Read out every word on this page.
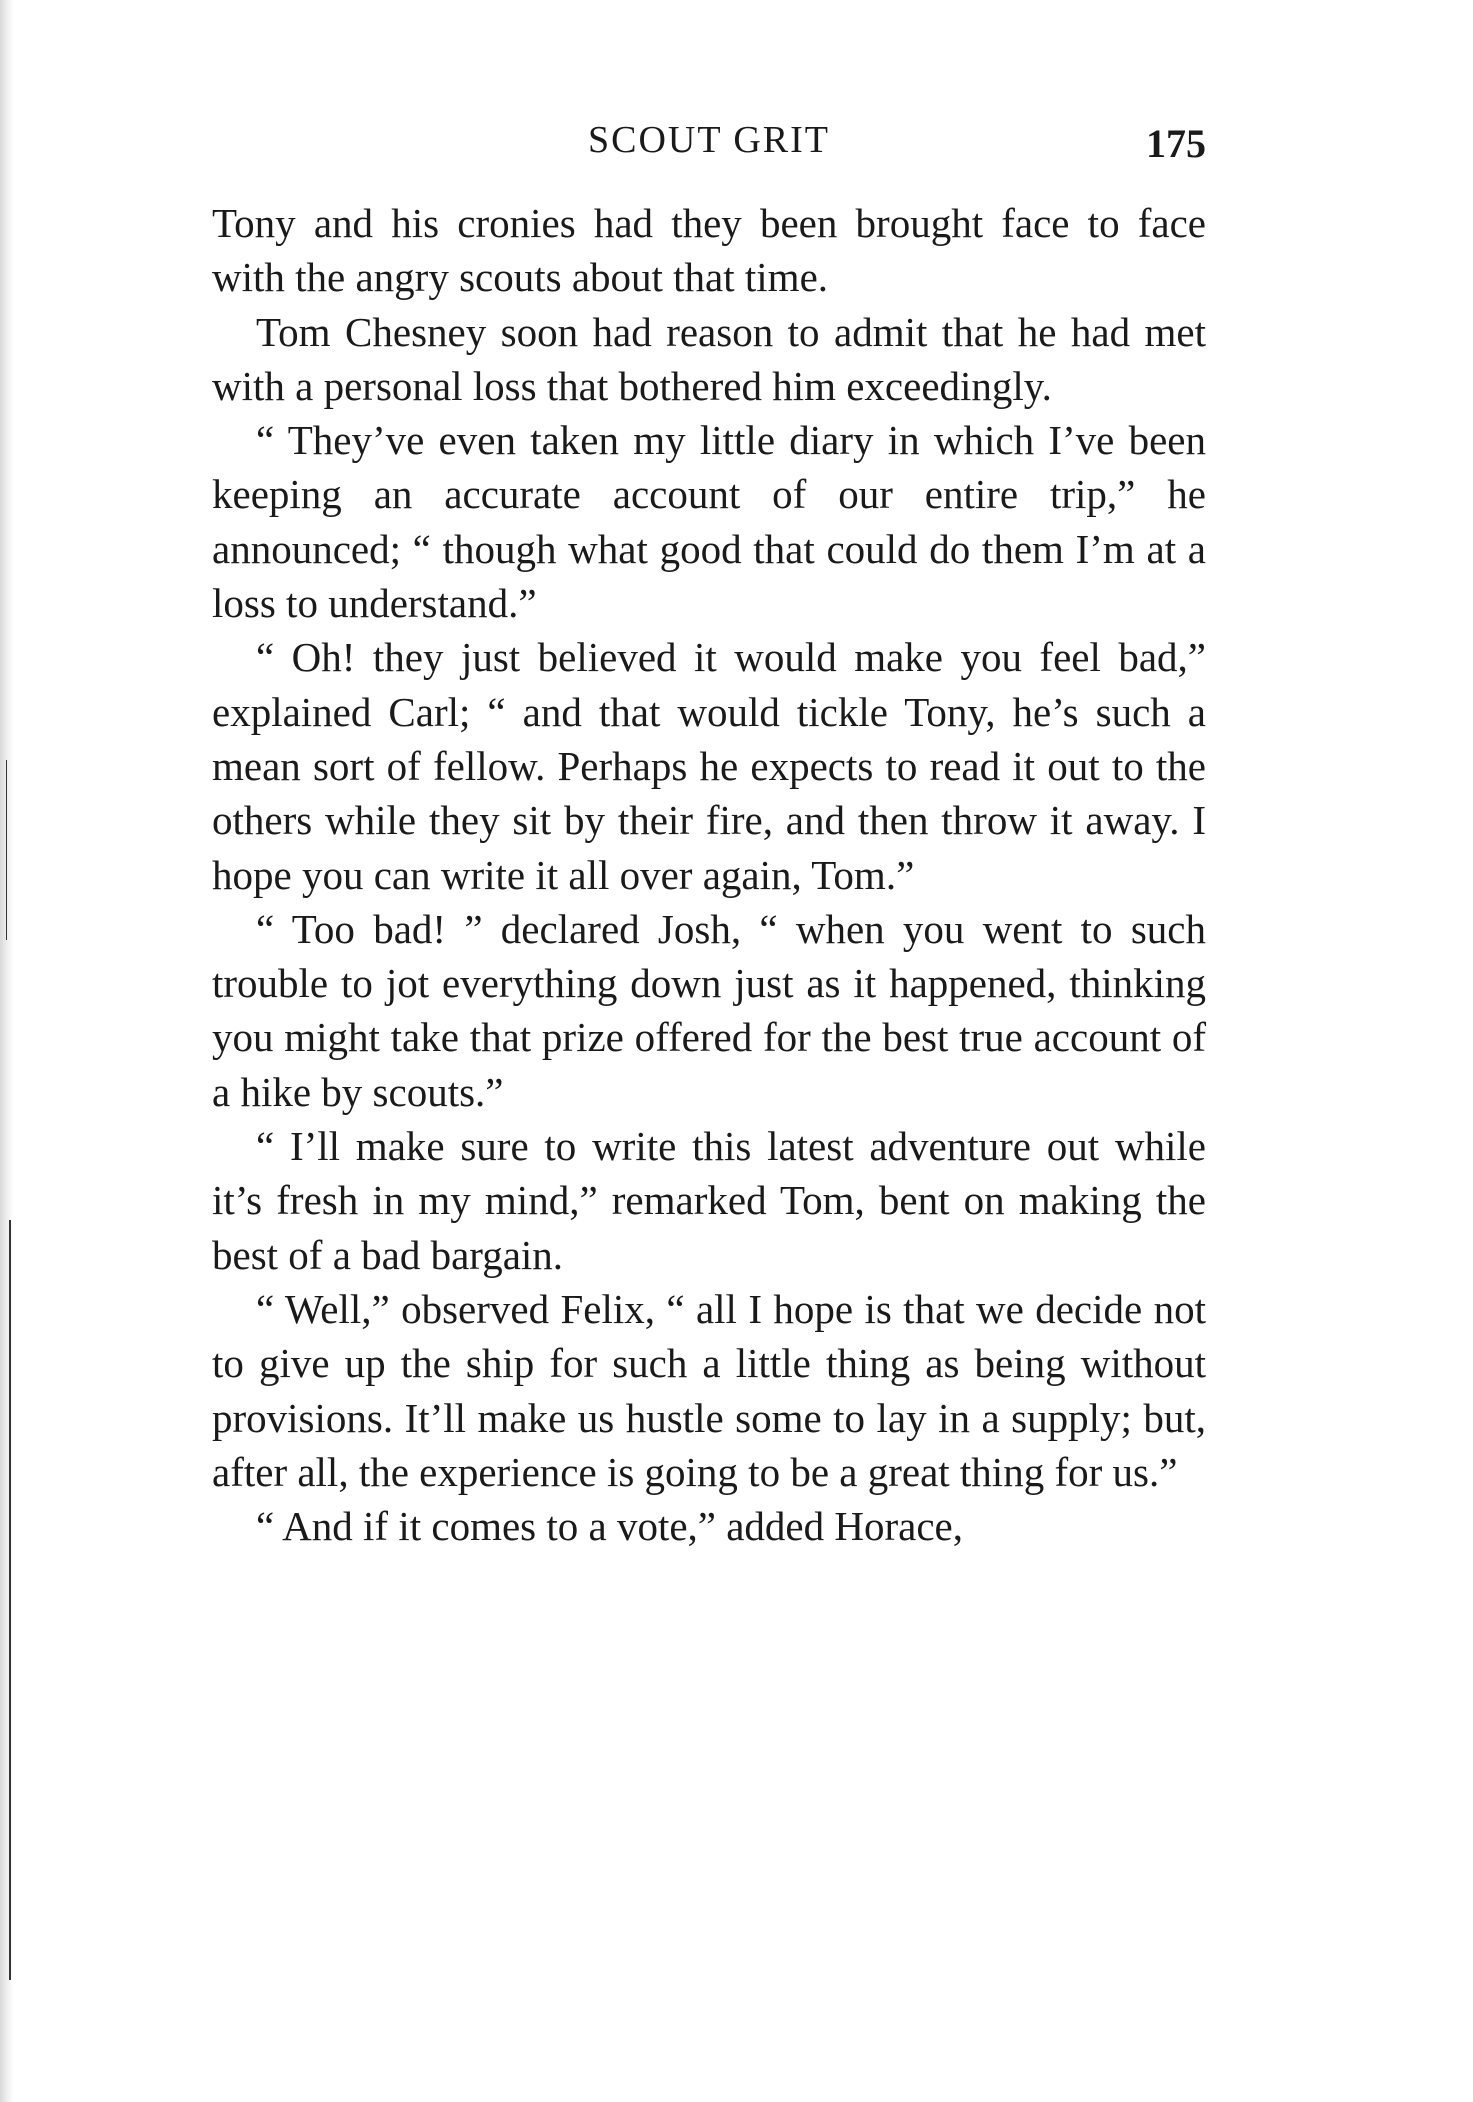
SCOUT GRIT	175

Tony and his cronies had they been brought face to face with the angry scouts about that time.

Tom Chesney soon had reason to admit that he had met with a personal loss that bothered him exceedingly.

“ They’ve even taken my little diary in which I’ve been keeping an accurate account of our entire trip,” he announced; “ though what good that could do them I’m at a loss to understand.”

“ Oh! they just believed it would make you feel bad,” explained Carl; “ and that would tickle Tony, he’s such a mean sort of fellow. Perhaps he expects to read it out to the others while they sit by their fire, and then throw it away. I hope you can write it all over again, Tom.”

“ Too bad! ” declared Josh, “ when you went to such trouble to jot everything down just as it happened, thinking you might take that prize offered for the best true account of a hike by scouts.”

“ I’ll make sure to write this latest adventure out while it’s fresh in my mind,” remarked Tom, bent on making the best of a bad bargain.

“ Well,” observed Felix, “ all I hope is that we decide not to give up the ship for such a little thing as being without provisions. It’ll make us hustle some to lay in a supply; but, after all, the experience is going to be a great thing for us.”

“ And if it comes to a vote,” added Horace,
